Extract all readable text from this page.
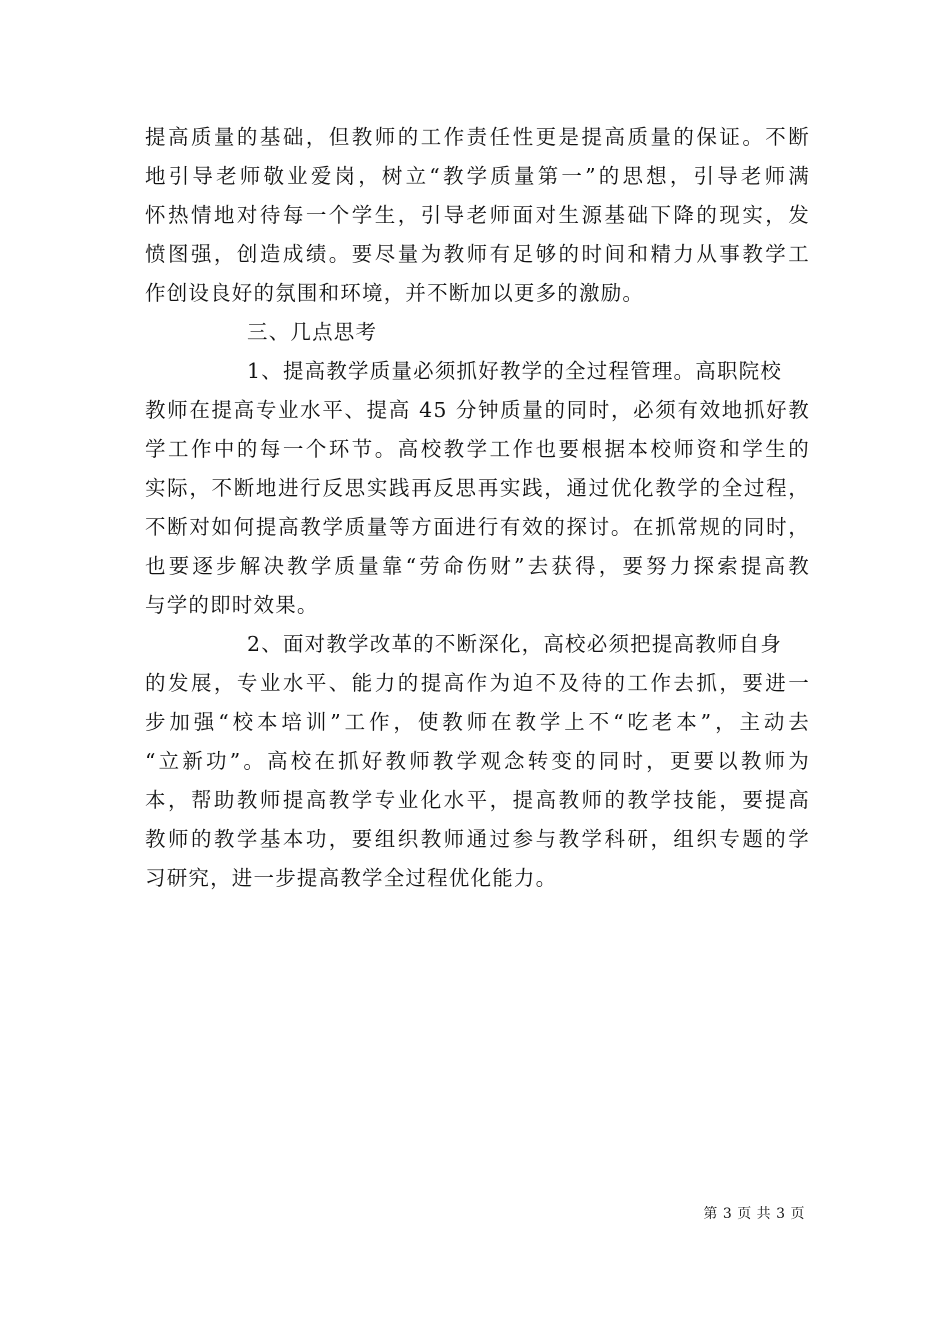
提高质量的基础，但教师的工作责任性更是提高质量的保证。不断
地引导老师敬业爱岗，树立“教学质量第一”的思想，引导老师满
怀热情地对待每一个学生，引导老师面对生源基础下降的现实，发
愤图强，创造成绩。要尽量为教师有足够的时间和精力从事教学工
作创设良好的氛围和环境，并不断加以更多的激励。
三、几点思考
1、提高教学质量必须抓好教学的全过程管理。高职院校
教师在提高专业水平、提高 45 分钟质量的同时，必须有效地抓好教
学工作中的每一个环节。高校教学工作也要根据本校师资和学生的
实际，不断地进行反思实践再反思再实践，通过优化教学的全过程，
不断对如何提高教学质量等方面进行有效的探讨。在抓常规的同时，
也要逐步解决教学质量靠“劳命伤财”去获得，要努力探索提高教
与学的即时效果。
2、面对教学改革的不断深化，高校必须把提高教师自身
的发展，专业水平、能力的提高作为迫不及待的工作去抓，要进一
步加强“校本培训”工作，使教师在教学上不“吃老本”，主动去
“立新功”。高校在抓好教师教学观念转变的同时，更要以教师为
本，帮助教师提高教学专业化水平，提高教师的教学技能，要提高
教师的教学基本功，要组织教师通过参与教学科研，组织专题的学
习研究，进一步提高教学全过程优化能力。
第 3 页 共 3 页
